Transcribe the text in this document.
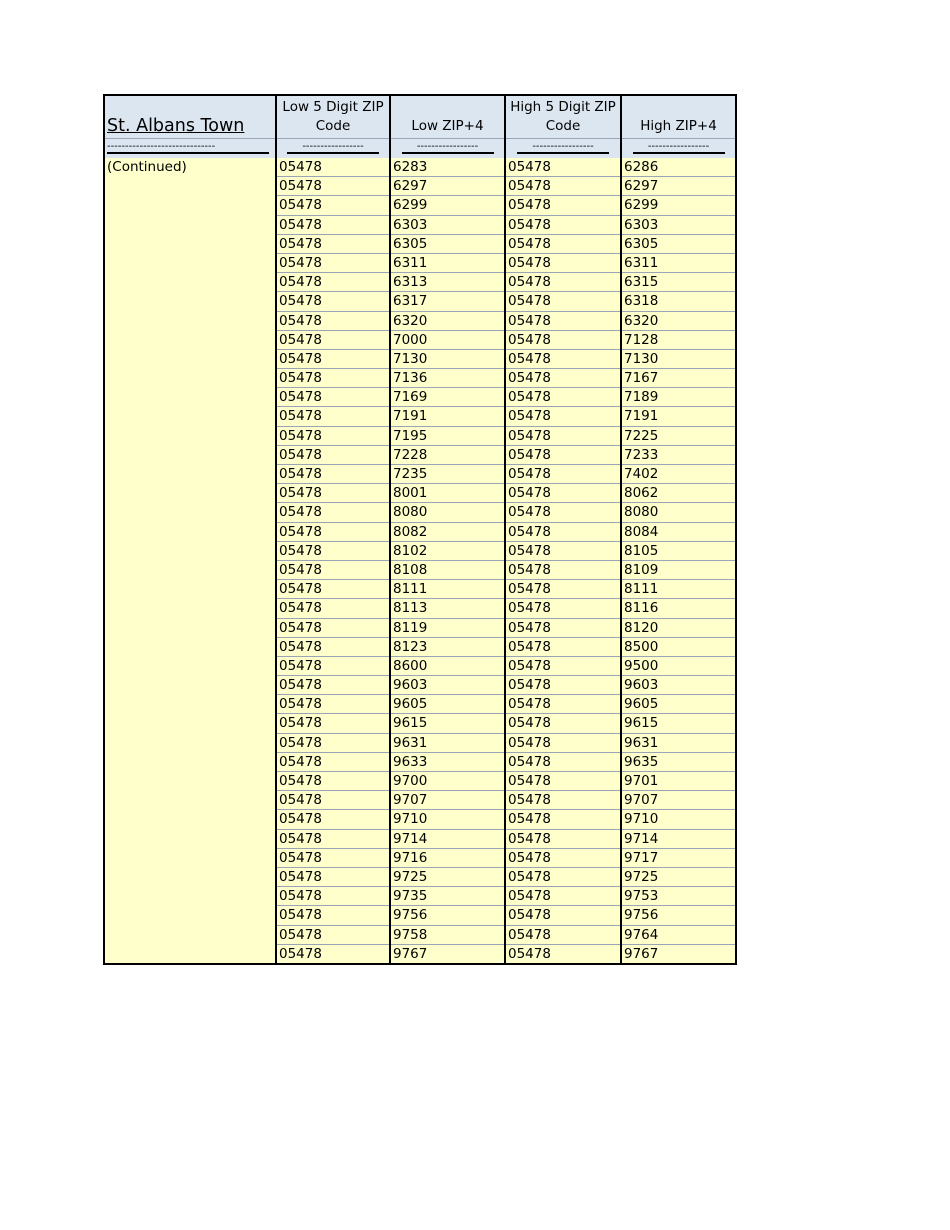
St. Albans Town	Low 5 Digit ZIP Code	Low ZIP+4	High 5 Digit ZIP Code	High ZIP+4
------------------------------	-----------------	-----------------	-----------------	-----------------
(Continued)	05478	6283	05478	6286
	05478	6297	05478	6297
	05478	6299	05478	6299
	05478	6303	05478	6303
	05478	6305	05478	6305
	05478	6311	05478	6311
	05478	6313	05478	6315
	05478	6317	05478	6318
	05478	6320	05478	6320
	05478	7000	05478	7128
	05478	7130	05478	7130
	05478	7136	05478	7167
	05478	7169	05478	7189
	05478	7191	05478	7191
	05478	7195	05478	7225
	05478	7228	05478	7233
	05478	7235	05478	7402
	05478	8001	05478	8062
	05478	8080	05478	8080
	05478	8082	05478	8084
	05478	8102	05478	8105
	05478	8108	05478	8109
	05478	8111	05478	8111
	05478	8113	05478	8116
	05478	8119	05478	8120
	05478	8123	05478	8500
	05478	8600	05478	9500
	05478	9603	05478	9603
	05478	9605	05478	9605
	05478	9615	05478	9615
	05478	9631	05478	9631
	05478	9633	05478	9635
	05478	9700	05478	9701
	05478	9707	05478	9707
	05478	9710	05478	9710
	05478	9714	05478	9714
	05478	9716	05478	9717
	05478	9725	05478	9725
	05478	9735	05478	9753
	05478	9756	05478	9756
	05478	9758	05478	9764
	05478	9767	05478	9767
